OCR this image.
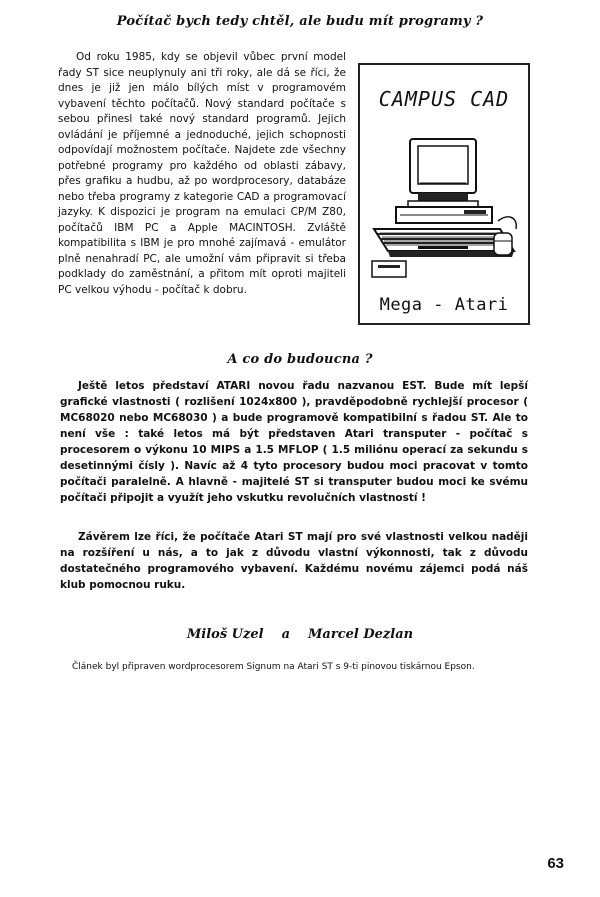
Počítač bych tedy chtěl, ale budu mít programy ?

Od roku 1985, kdy se objevil vůbec první model řady ST sice neuplynuly ani tři roky, ale dá se říci, že dnes je již jen málo bílých míst v programovém vybavení těchto počítačů. Nový standard počítače s sebou přinesl také nový standard programů. Jejich ovládání je příjemné a jednoduché, jejich schopnosti odpovídají možnostem počítače. Najdete zde všechny potřebné programy pro každého od oblasti zábavy, přes grafiku a hudbu, až po wordprocesory, databáze nebo třeba programy z kategorie CAD a programovací jazyky. K dispozici je program na emulaci CP/M Z80, počítačů IBM PC a Apple MACINTOSH. Zvláště kompatibilita s IBM je pro mnohé zajímavá - emulátor plně nenahradí PC, ale umožní vám připravit si třeba podklady do zaměstnání, a přitom mít oproti majiteli PC velkou výhodu - počítač k dobru.

CAMPUS CAD
Mega - Atari
A co do budoucna ?

Ještě letos představí ATARI novou řadu nazvanou EST. Bude mít lepší grafické vlastnosti ( rozlišení 1024x800 ), pravděpodobně rychlejší procesor ( MC68020 nebo MC68030 ) a bude programově kompatibilní s řadou ST. Ale to není vše : také letos má být představen Atari transputer - počítač s procesorem o výkonu 10 MIPS a 1.5 MFLOP ( 1.5 miliónu operací za sekundu s desetinnými čísly ). Navíc až 4 tyto procesory budou moci pracovat v tomto počítači paralelně. A hlavně - majitelé ST si transputer budou moci ke svému počítači připojit a využít jeho vskutku revolučních vlastností !

Závěrem lze říci, že počítače Atari ST mají pro své vlastnosti velkou naději na rozšíření u nás, a to jak z důvodu vlastní výkonnosti, tak z důvodu dostatečného programového vybavení. Každému novému zájemci podá náš klub pomocnou ruku.

Miloš Uzel a Marcel Dezlan

Článek byl připraven wordprocesorem Signum na Atari ST s 9-ti pinovou tiskárnou Epson.

63
